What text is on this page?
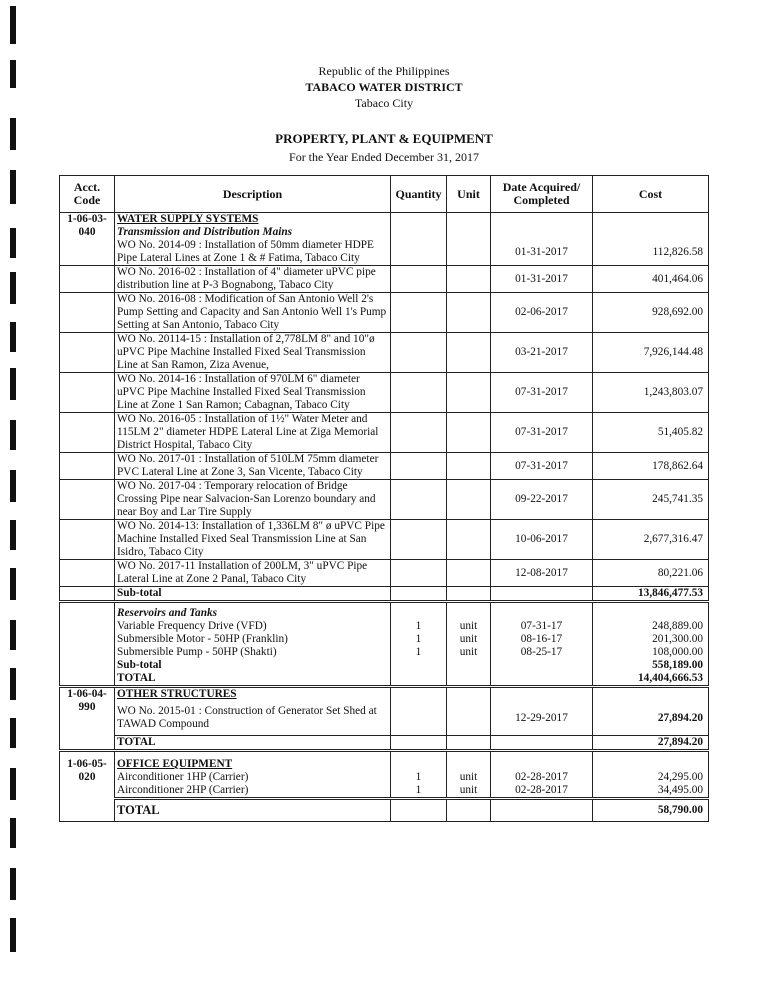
Republic of the Philippines
TABACO WATER DISTRICT
Tabaco City
PROPERTY, PLANT & EQUIPMENT
For the Year Ended December 31, 2017
Acct. Code	Description	Quantity	Unit	Date Acquired/ Completed	Cost
1-06-03- 040	WATER SUPPLY SYSTEMS				
	Transmission and Distribution Mains				
	WO No. 2014-09 : Installation of 50mm diameter HDPE Pipe Lateral Lines at Zone 1 & # Fatima, Tabaco City			01-31-2017	112,826.58
	WO No. 2016-02 : Installation of 4" diameter uPVC pipe distribution line at P-3 Bognabong, Tabaco City			01-31-2017	401,464.06
	WO No. 2016-08 : Modification of San Antonio Well 2's Pump Setting and Capacity and San Antonio Well 1's Pump Setting at San Antonio, Tabaco City			02-06-2017	928,692.00
	WO No. 20114-15 : Installation of 2,778LM 8" and 10"ø uPVC Pipe Machine Installed Fixed Seal Transmission Line at San Ramon, Ziza Avenue,			03-21-2017	7,926,144.48
	WO No. 2014-16 : Installation of 970LM 6" diameter uPVC Pipe Machine Installed Fixed Seal Transmission Line at Zone 1 San Ramon; Cabagnan, Tabaco City			07-31-2017	1,243,803.07
	WO No. 2016-05 : Installation of 1½" Water Meter and 115LM 2" diameter HDPE Lateral Line at Ziga Memorial District Hospital, Tabaco City			07-31-2017	51,405.82
	WO No. 2017-01 : Installation of 510LM 75mm diameter PVC Lateral Line at Zone 3, San Vicente, Tabaco City			07-31-2017	178,862.64
	WO No. 2017-04 : Temporary relocation of Bridge Crossing Pipe near Salvacion-San Lorenzo boundary and near Boy and Lar Tire Supply			09-22-2017	245,741.35
	WO No. 2014-13: Installation of 1,336LM 8" ø uPVC Pipe Machine Installed Fixed Seal Transmission Line at San Isidro, Tabaco City			10-06-2017	2,677,316.47
	WO No. 2017-11 Installation of 200LM, 3" uPVC Pipe Lateral Line at Zone 2 Panal, Tabaco City			12-08-2017	80,221.06
	Sub-total				13,846,477.53
	Reservoirs and Tanks				
	Variable Frequency Drive (VFD)	1	unit	07-31-17	248,889.00
	Submersible Motor - 50HP (Franklin)	1	unit	08-16-17	201,300.00
	Submersible Pump - 50HP (Shakti)	1	unit	08-25-17	108,000.00
	Sub-total				558,189.00
	TOTAL				14,404,666.53
1-06-04- 990	OTHER STRUCTURES				
	WO No. 2015-01 : Construction of Generator Set Shed at TAWAD Compound			12-29-2017	27,894.20
	TOTAL				27,894.20
1-06-05- 020	OFFICE EQUIPMENT				
	Airconditioner 1HP (Carrier)	1	unit	02-28-2017	24,295.00
	Airconditioner 2HP (Carrier)	1	unit	02-28-2017	34,495.00
	TOTAL				58,790.00
